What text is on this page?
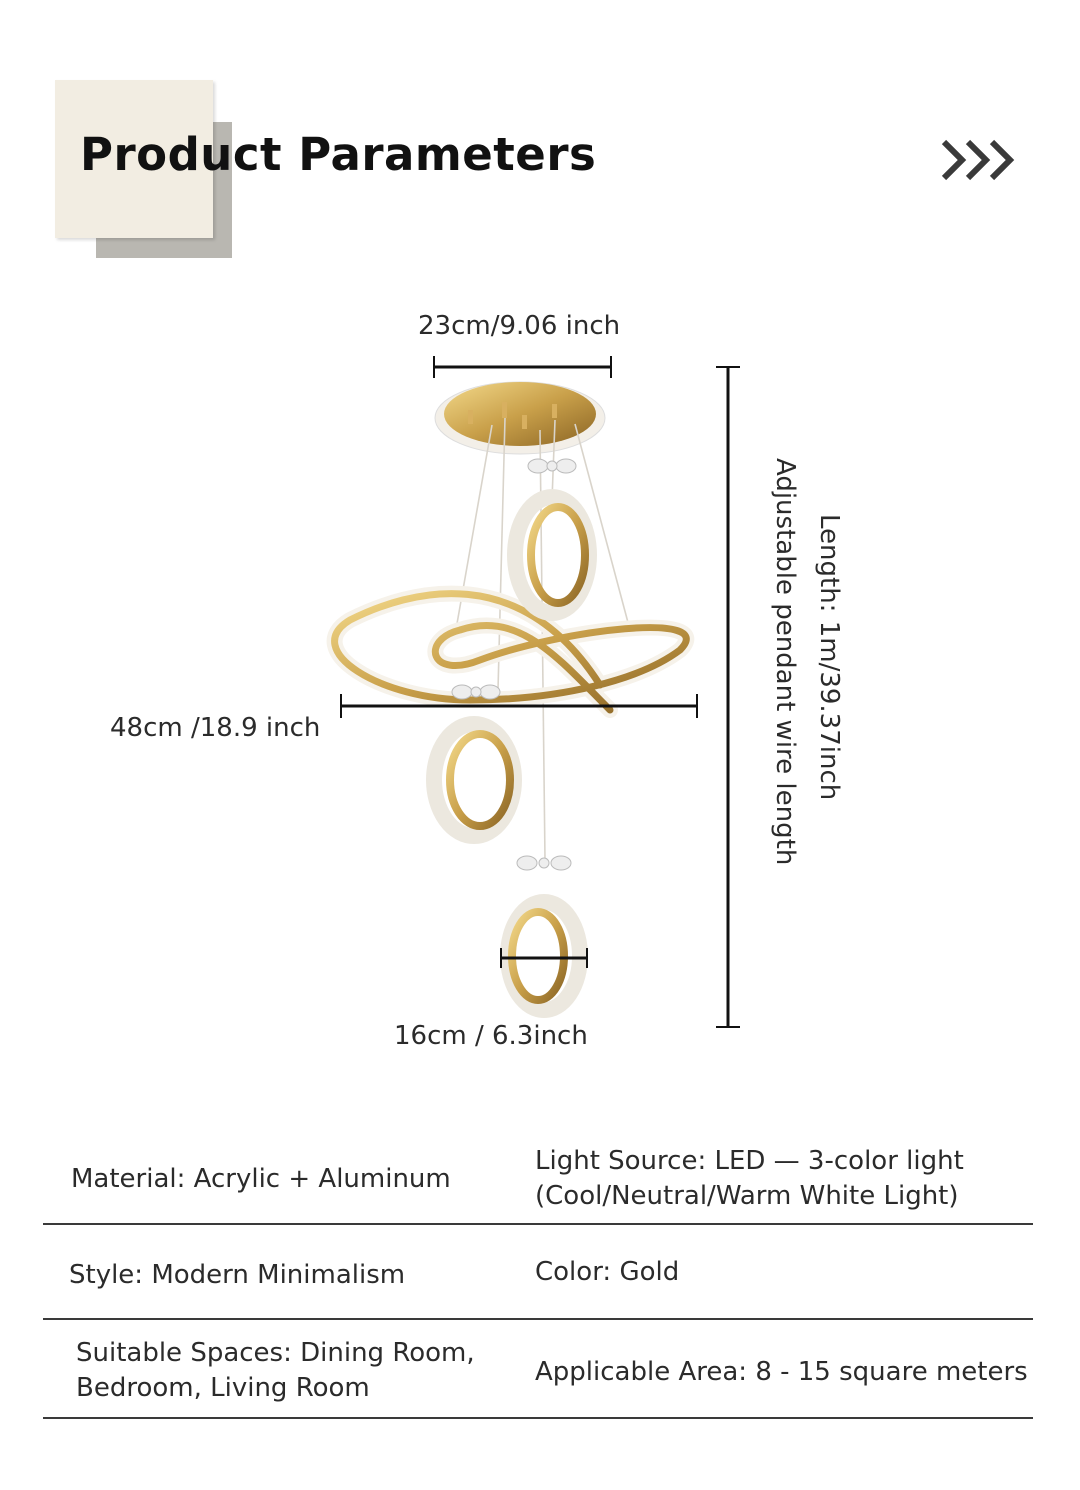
Product Parameters
23cm/9.06 inch
48cm /18.9 inch
16cm / 6.3inch
Length: 1m/39.37inch
Adjustable pendant wire length
Material: Acrylic + Aluminum
Light Source: LED — 3-color light
(Cool/Neutral/Warm White Light)
Style: Modern Minimalism	Color: Gold
Suitable Spaces: Dining Room,
Bedroom, Living Room
Applicable Area: 8 - 15 square meters
